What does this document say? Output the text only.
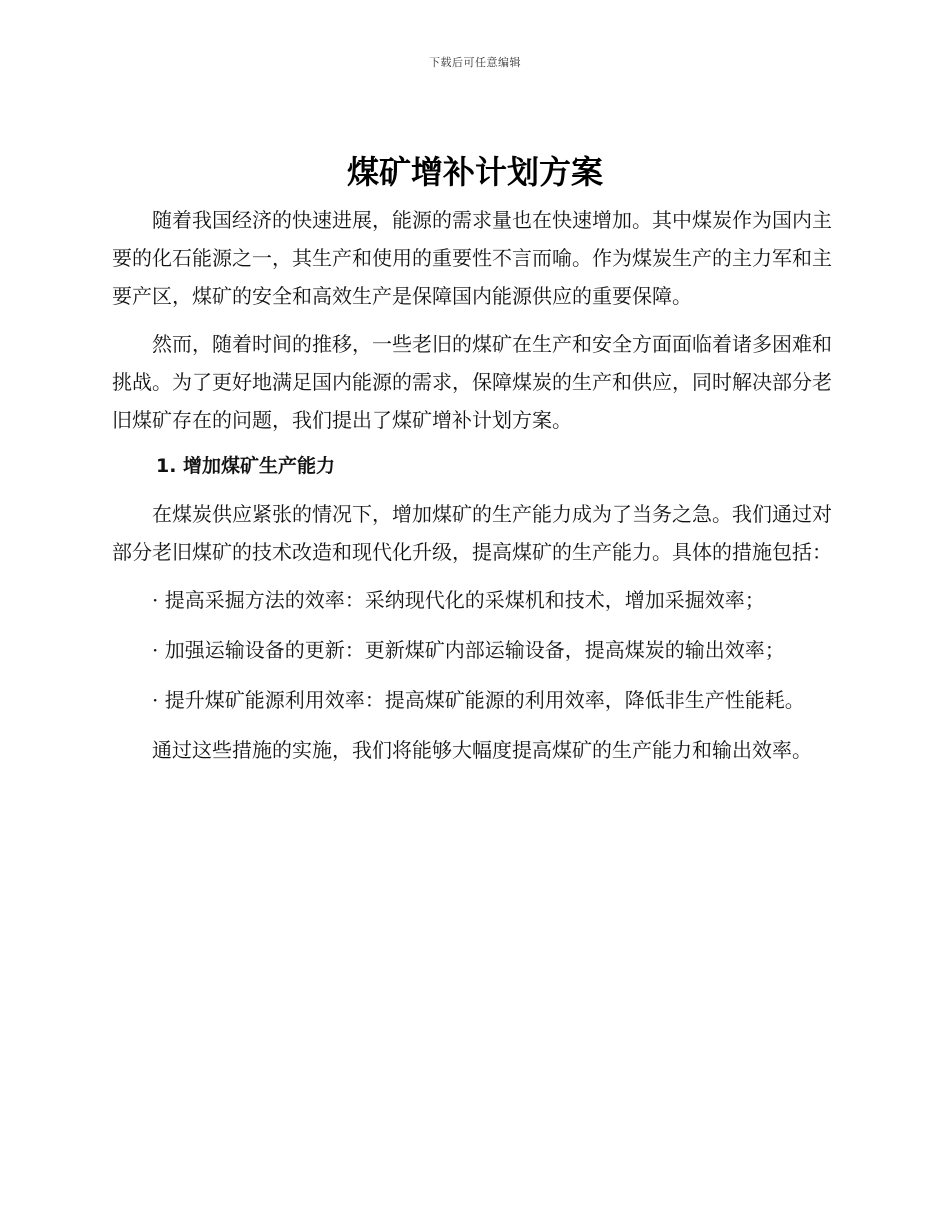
下载后可任意编辑
煤矿增补计划方案

随着我国经济的快速进展，能源的需求量也在快速增加。其中煤炭作为国内主要的化石能源之一，其生产和使用的重要性不言而喻。作为煤炭生产的主力军和主要产区，煤矿的安全和高效生产是保障国内能源供应的重要保障。

然而，随着时间的推移，一些老旧的煤矿在生产和安全方面面临着诸多困难和挑战。为了更好地满足国内能源的需求，保障煤炭的生产和供应，同时解决部分老旧煤矿存在的问题，我们提出了煤矿增补计划方案。

1. 增加煤矿生产能力

在煤炭供应紧张的情况下，增加煤矿的生产能力成为了当务之急。我们通过对部分老旧煤矿的技术改造和现代化升级，提高煤矿的生产能力。具体的措施包括：

· 提高采掘方法的效率：采纳现代化的采煤机和技术，增加采掘效率；

· 加强运输设备的更新：更新煤矿内部运输设备，提高煤炭的输出效率；

· 提升煤矿能源利用效率：提高煤矿能源的利用效率，降低非生产性能耗。

通过这些措施的实施，我们将能够大幅度提高煤矿的生产能力和输出效率。
